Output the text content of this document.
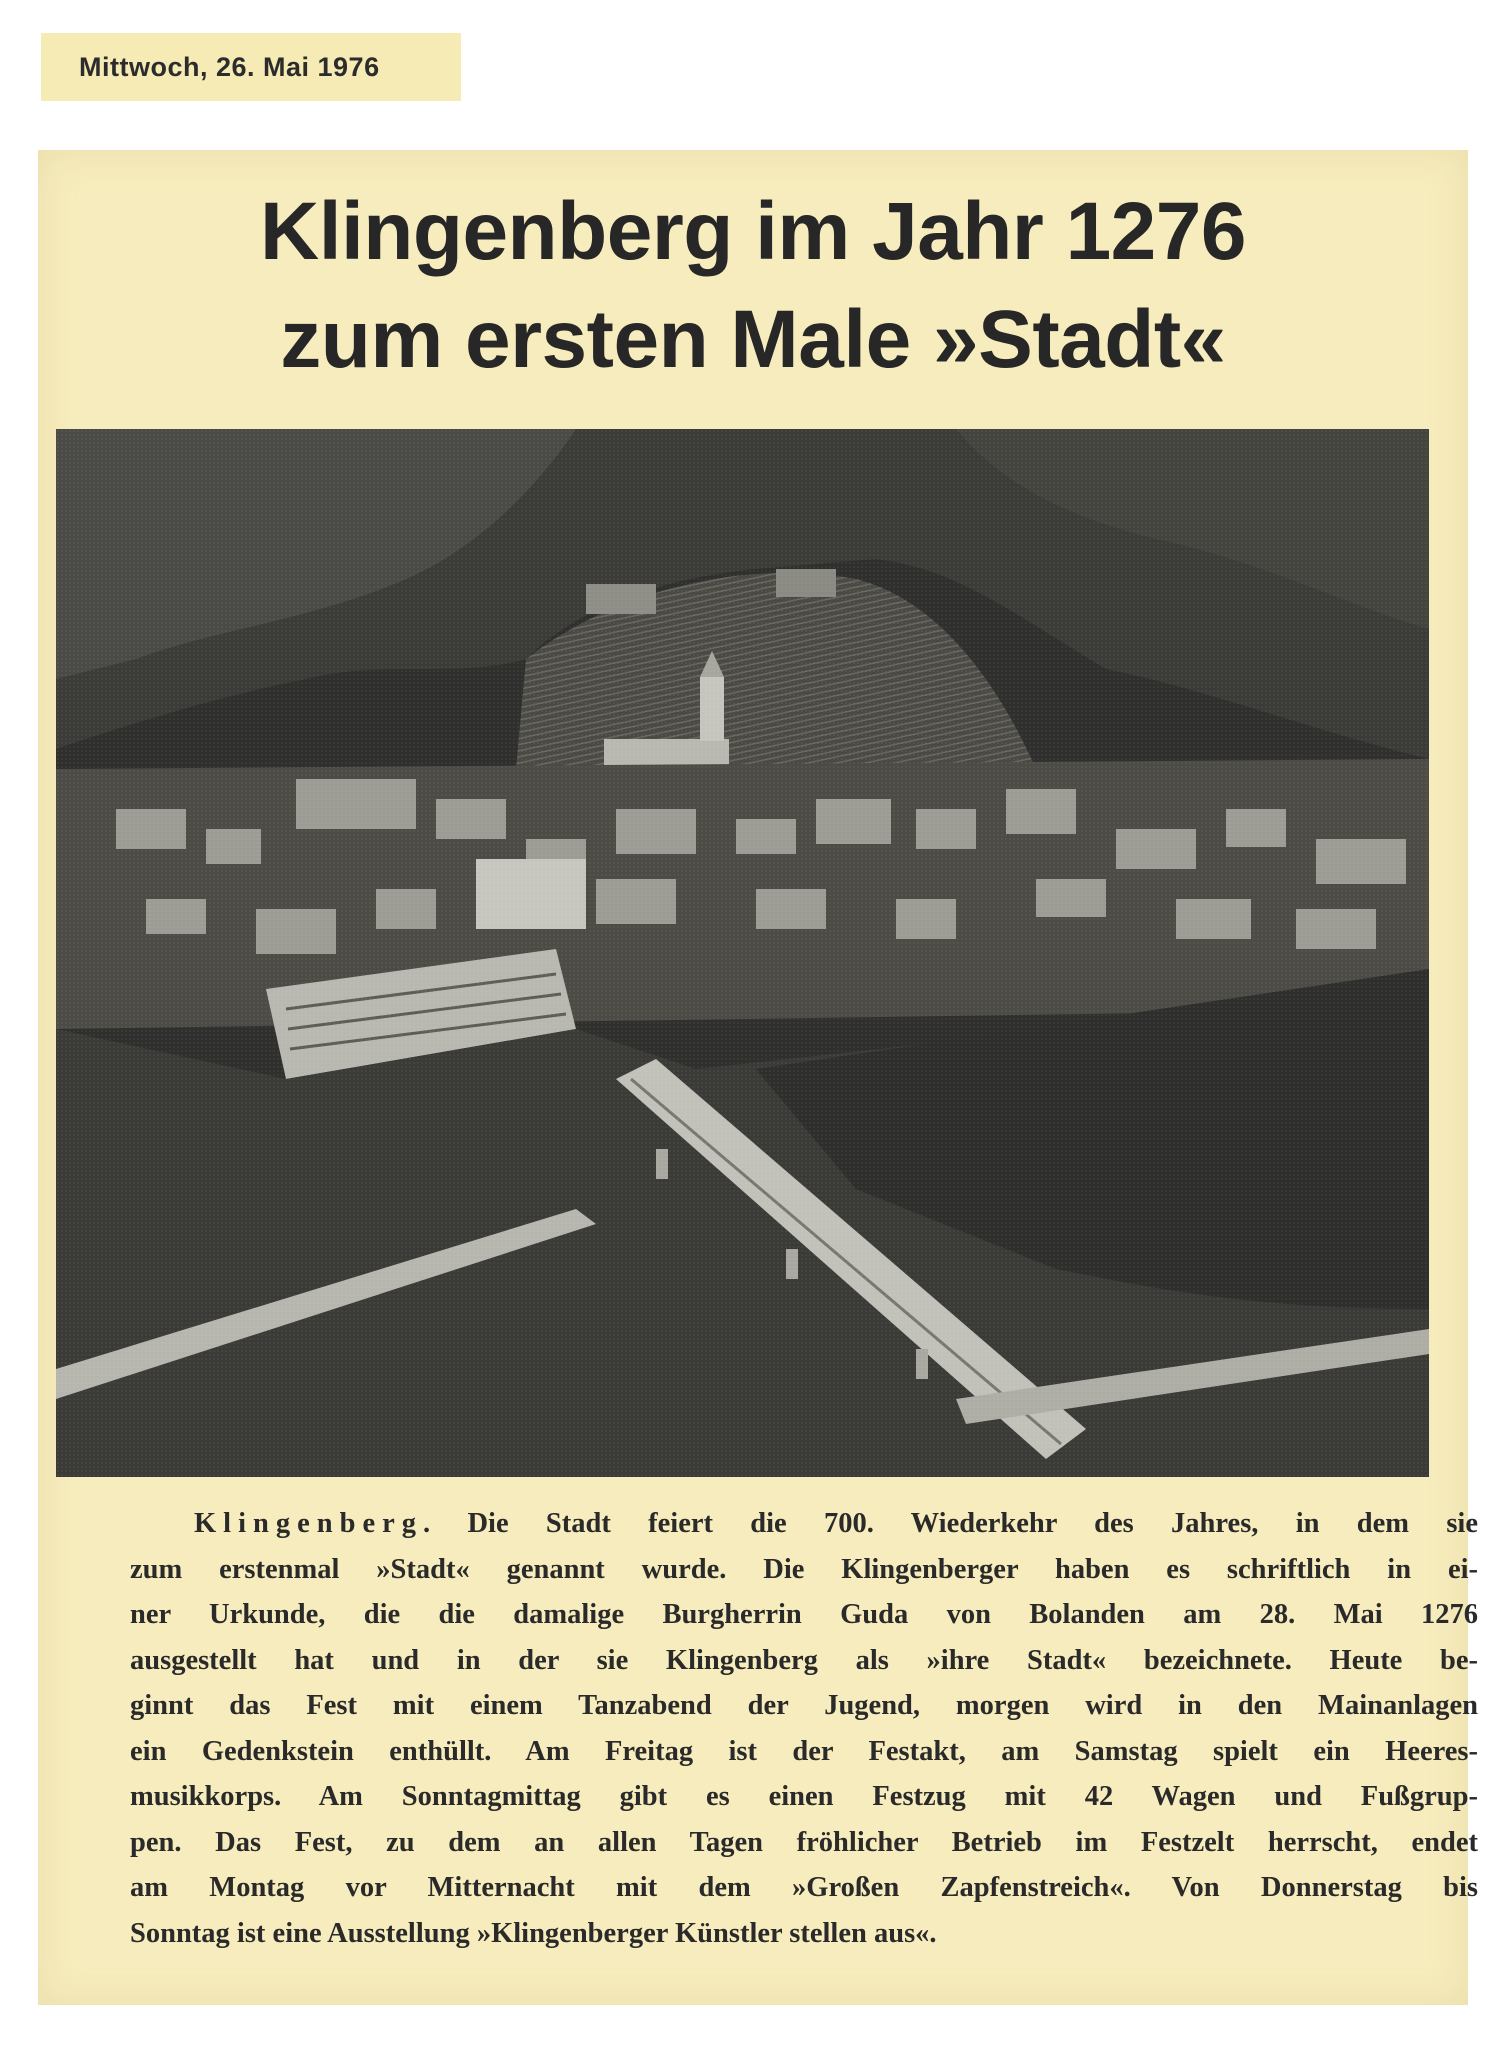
Mittwoch, 26. Mai 1976
Klingenberg im Jahr 1276
zum ersten Male »Stadt«
Klingenberg. Die Stadt feiert die 700. Wiederkehr des Jahres, in dem sie
zum erstenmal »Stadt« genannt wurde. Die Klingenberger haben es schriftlich in ei-
ner Urkunde, die die damalige Burgherrin Guda von Bolanden am 28. Mai 1276
ausgestellt hat und in der sie Klingenberg als »ihre Stadt« bezeichnete. Heute be-
ginnt das Fest mit einem Tanzabend der Jugend, morgen wird in den Mainanlagen
ein Gedenkstein enthüllt. Am Freitag ist der Festakt, am Samstag spielt ein Heeres-
musikkorps. Am Sonntagmittag gibt es einen Festzug mit 42 Wagen und Fußgrup-
pen. Das Fest, zu dem an allen Tagen fröhlicher Betrieb im Festzelt herrscht, endet
am Montag vor Mitternacht mit dem »Großen Zapfenstreich«. Von Donnerstag bis
Sonntag ist eine Ausstellung »Klingenberger Künstler stellen aus«.
